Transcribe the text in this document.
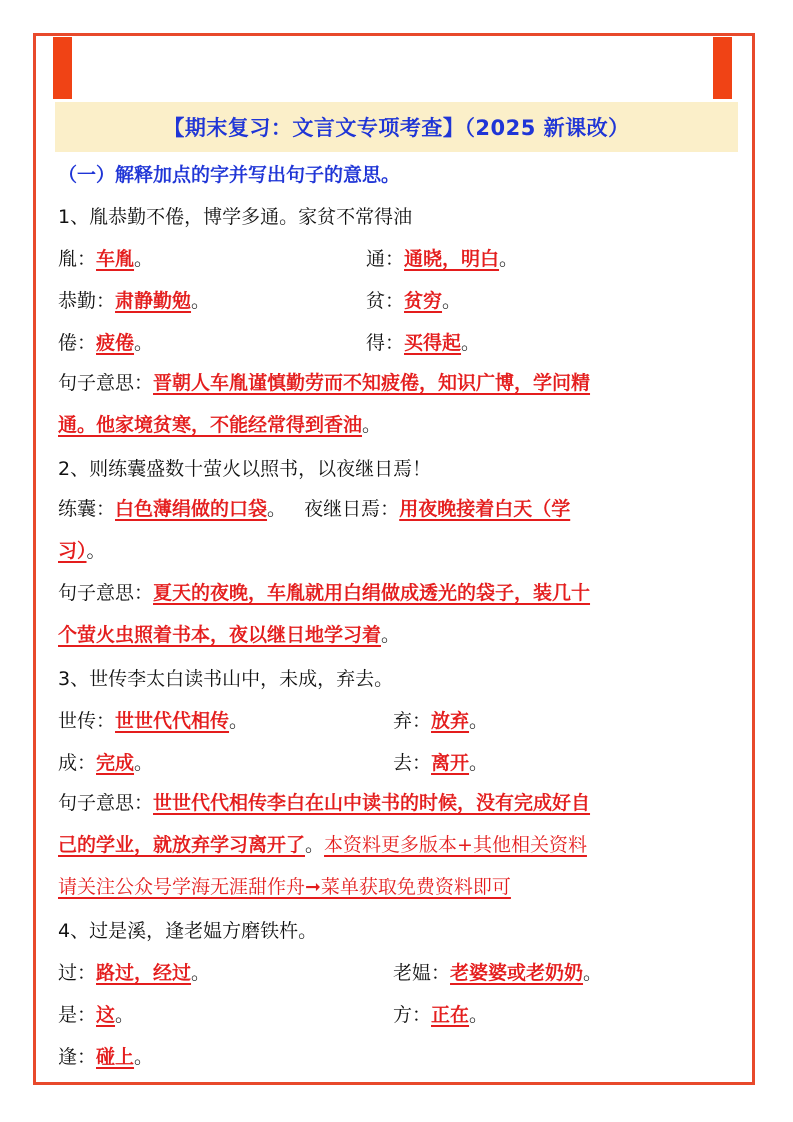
【期末复习：文言文专项考查】（2025 新课改）
（一）解释加点的字并写出句子的意思。
1、胤恭勤不倦，博学多通。家贫不常得油
胤：车胤。	通：通晓，明白。
恭勤：肃静勤勉。	贫：贫穷。
倦：疲倦。	得：买得起。
句子意思：晋朝人车胤谨慎勤劳而不知疲倦，知识广博，学问精
通。他家境贫寒，不能经常得到香油。
2、则练囊盛数十萤火以照书，以夜继日焉！
练囊：白色薄绢做的口袋。 夜继日焉：用夜晚接着白天（学
习）。
句子意思：夏天的夜晚，车胤就用白绢做成透光的袋子，装几十
个萤火虫照着书本，夜以继日地学习着。
3、世传李太白读书山中，未成，弃去。
世传：世世代代相传。	弃：放弃。
成：完成。	去：离开。
句子意思：世世代代相传李白在山中读书的时候，没有完成好自
己的学业，就放弃学习离开了。本资料更多版本+其他相关资料
请关注公众号学海无涯甜作舟➞菜单获取免费资料即可
4、过是溪，逢老媪方磨铁杵。
过：路过，经过。	老媪：老婆婆或老奶奶。
是：这。	方：正在。
逢：碰上。
